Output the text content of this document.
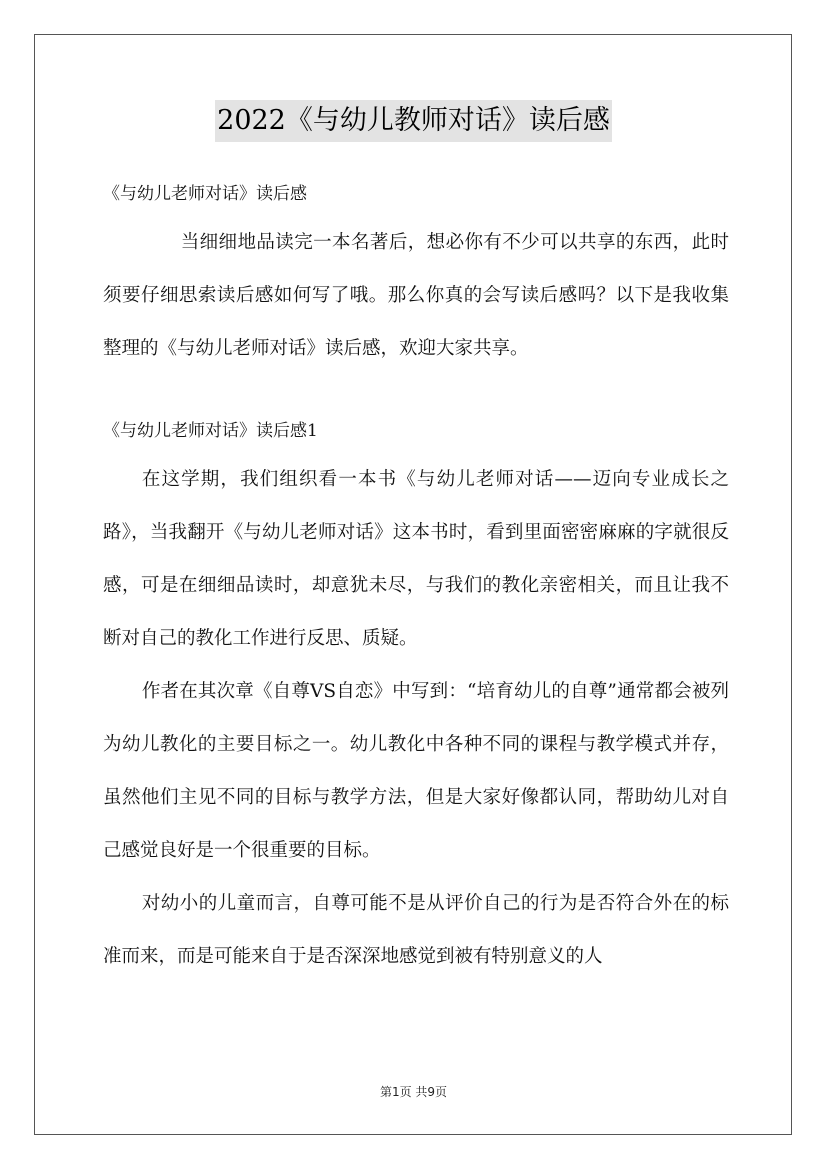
2022《与幼儿教师对话》读后感

《与幼儿老师对话》读后感

当细细地品读完一本名著后，想必你有不少可以共享的东西，此时须要仔细思索读后感如何写了哦。那么你真的会写读后感吗？以下是我收集整理的《与幼儿老师对话》读后感，欢迎大家共享。

《与幼儿老师对话》读后感1

在这学期，我们组织看一本书《与幼儿老师对话——迈向专业成长之路》，当我翻开《与幼儿老师对话》这本书时，看到里面密密麻麻的字就很反感，可是在细细品读时，却意犹未尽，与我们的教化亲密相关，而且让我不断对自己的教化工作进行反思、质疑。

作者在其次章《自尊VS自恋》中写到：“培育幼儿的自尊”通常都会被列为幼儿教化的主要目标之一。幼儿教化中各种不同的课程与教学模式并存，虽然他们主见不同的目标与教学方法，但是大家好像都认同，帮助幼儿对自己感觉良好是一个很重要的目标。

对幼小的儿童而言，自尊可能不是从评价自己的行为是否符合外在的标准而来，而是可能来自于是否深深地感觉到被有特别意义的人

第1页 共9页
